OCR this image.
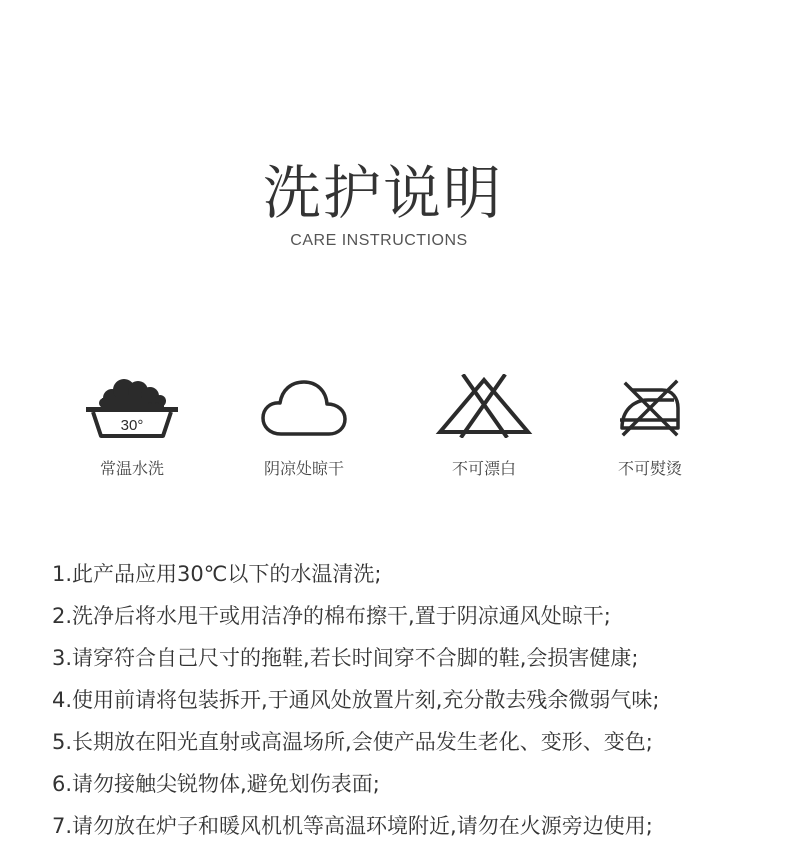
洗护说明
CARE INSTRUCTIONS
30°
常温水洗	阴凉处晾干	不可漂白	不可熨烫
1.此产品应用30℃以下的水温清洗;
2.洗净后将水甩干或用洁净的棉布擦干,置于阴凉通风处晾干;
3.请穿符合自己尺寸的拖鞋,若长时间穿不合脚的鞋,会损害健康;
4.使用前请将包装拆开,于通风处放置片刻,充分散去残余微弱气味;
5.长期放在阳光直射或高温场所,会使产品发生老化、变形、变色;
6.请勿接触尖锐物体,避免划伤表面;
7.请勿放在炉子和暖风机机等高温环境附近,请勿在火源旁边使用;
